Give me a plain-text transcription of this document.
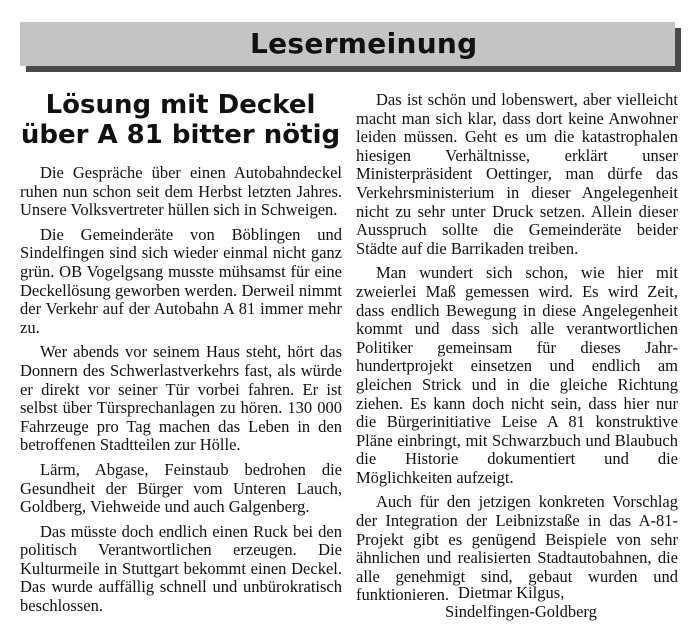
Lesermeinung
Lösung mit Deckel
über A 81 bitter nötig

Die Gespräche über einen Autobahndeckel ruhen nun schon seit dem Herbst letzten Jahres. Unsere Volksvertreter hüllen sich in Schweigen.

Die Gemeinderäte von Böblingen und Sindelfingen sind sich wieder einmal nicht ganz grün. OB Vogelgsang musste mühsamst für eine Deckellösung geworben werden. Derweil nimmt der Verkehr auf der Autobahn A 81 immer mehr zu.

Wer abends vor seinem Haus steht, hört das Donnern des Schwerlastverkehrs fast, als würde er direkt vor seiner Tür vorbei fahren. Er ist selbst über Türsprechanlagen zu hören. 130 000 Fahrzeuge pro Tag machen das Leben in den betroffenen Stadtteilen zur Hölle.

Lärm, Abgase, Feinstaub bedrohen die Gesundheit der Bürger vom Unteren Lauch, Goldberg, Viehweide und auch Galgenberg.

Das müsste doch endlich einen Ruck bei den politisch Verantwortlichen erzeugen. Die Kulturmeile in Stuttgart bekommt einen Deckel. Das wurde auffällig schnell und unbürokratisch beschlossen.

Das ist schön und lobenswert, aber vielleicht macht man sich klar, dass dort keine Anwohner leiden müssen. Geht es um die katastrophalen hiesigen Verhältnisse, erklärt unser Ministerpräsident Oettinger, man dürfe das Verkehrsministerium in dieser Angelegenheit nicht zu sehr unter Druck setzen. Allein dieser Ausspruch sollte die Gemeinderäte beider Städte auf die Barrikaden treiben.

Man wundert sich schon, wie hier mit zweierlei Maß gemessen wird. Es wird Zeit, dass endlich Bewegung in diese Angelegenheit kommt und dass sich alle verantwortlichen Politiker gemeinsam für dieses Jahrhundertprojekt einsetzen und endlich am gleichen Strick und in die gleiche Richtung ziehen. Es kann doch nicht sein, dass hier nur die Bürgerinitiative Leise A 81 konstruktive Pläne einbringt, mit Schwarzbuch und Blaubuch die Historie dokumentiert und die Möglichkeiten aufzeigt.

Auch für den jetzigen konkreten Vorschlag der Integration der Leibnizstaße in das A-81-Projekt gibt es genügend Beispiele von sehr ähnlichen und realisierten Stadtautobahnen, die alle genehmigt sind, gebaut wurden und funktionieren. Dietmar Kilgus,
Sindelfingen-Goldberg
